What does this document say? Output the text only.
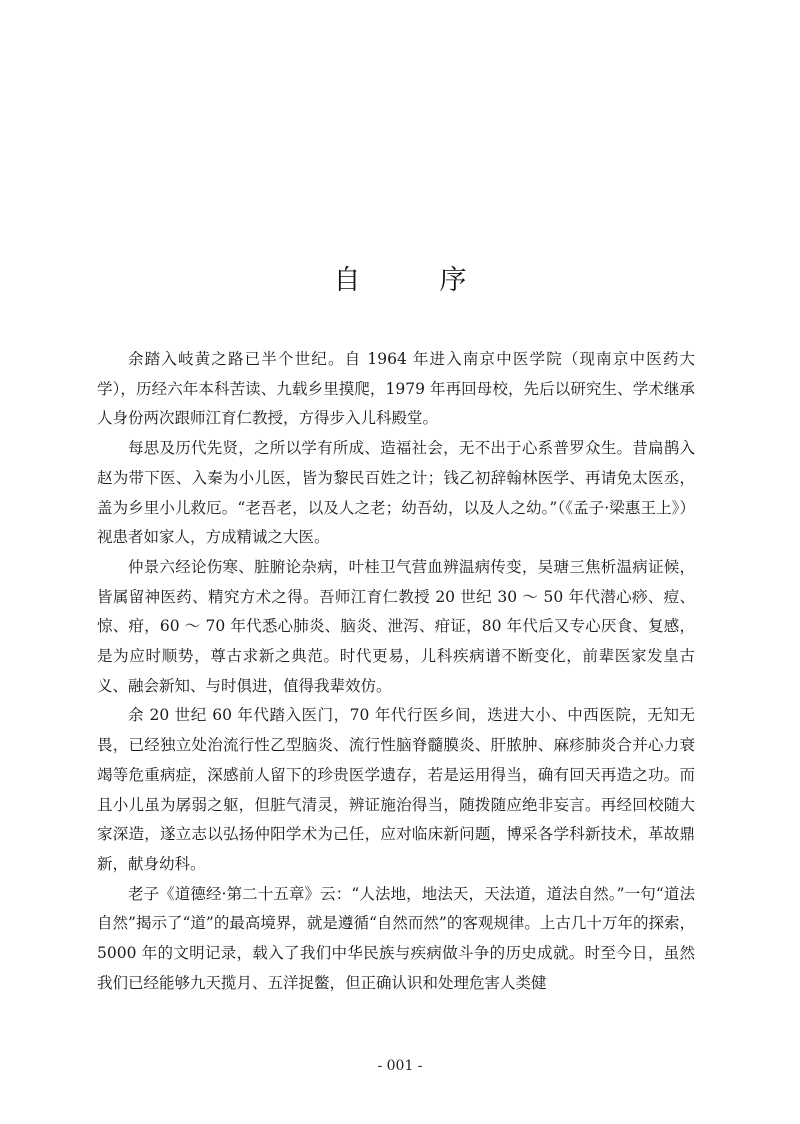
自　序

余踏入岐黄之路已半个世纪。自 1964 年进入南京中医学院（现南京中医药大学），历经六年本科苦读、九载乡里摸爬，1979 年再回母校，先后以研究生、学术继承人身份两次跟师江育仁教授，方得步入儿科殿堂。

每思及历代先贤，之所以学有所成、造福社会，无不出于心系普罗众生。昔扁鹊入赵为带下医、入秦为小儿医，皆为黎民百姓之计；钱乙初辞翰林医学、再请免太医丞，盖为乡里小儿救厄。“老吾老，以及人之老；幼吾幼，以及人之幼。”（《孟子·梁惠王上》）视患者如家人，方成精诚之大医。

仲景六经论伤寒、脏腑论杂病，叶桂卫气营血辨温病传变，吴瑭三焦析温病证候，皆属留神医药、精究方术之得。吾师江育仁教授 20 世纪 30 ～ 50 年代潜心痧、痘、惊、疳，60 ～ 70 年代悉心肺炎、脑炎、泄泻、疳证，80 年代后又专心厌食、复感，是为应时顺势，尊古求新之典范。时代更易，儿科疾病谱不断变化，前辈医家发皇古义、融会新知、与时俱进，值得我辈效仿。

余 20 世纪 60 年代踏入医门，70 年代行医乡间，迭进大小、中西医院，无知无畏，已经独立处治流行性乙型脑炎、流行性脑脊髓膜炎、肝脓肿、麻疹肺炎合并心力衰竭等危重病症，深感前人留下的珍贵医学遗存，若是运用得当，确有回天再造之功。而且小儿虽为孱弱之躯，但脏气清灵，辨证施治得当，随拨随应绝非妄言。再经回校随大家深造，遂立志以弘扬仲阳学术为己任，应对临床新问题，博采各学科新技术，革故鼎新，献身幼科。

老子《道德经·第二十五章》云：“人法地，地法天，天法道，道法自然。”一句“道法自然”揭示了“道”的最高境界，就是遵循“自然而然”的客观规律。上古几十万年的探索，5000 年的文明记录，载入了我们中华民族与疾病做斗争的历史成就。时至今日，虽然我们已经能够九天揽月、五洋捉鳖，但正确认识和处理危害人类健

- 001 -
